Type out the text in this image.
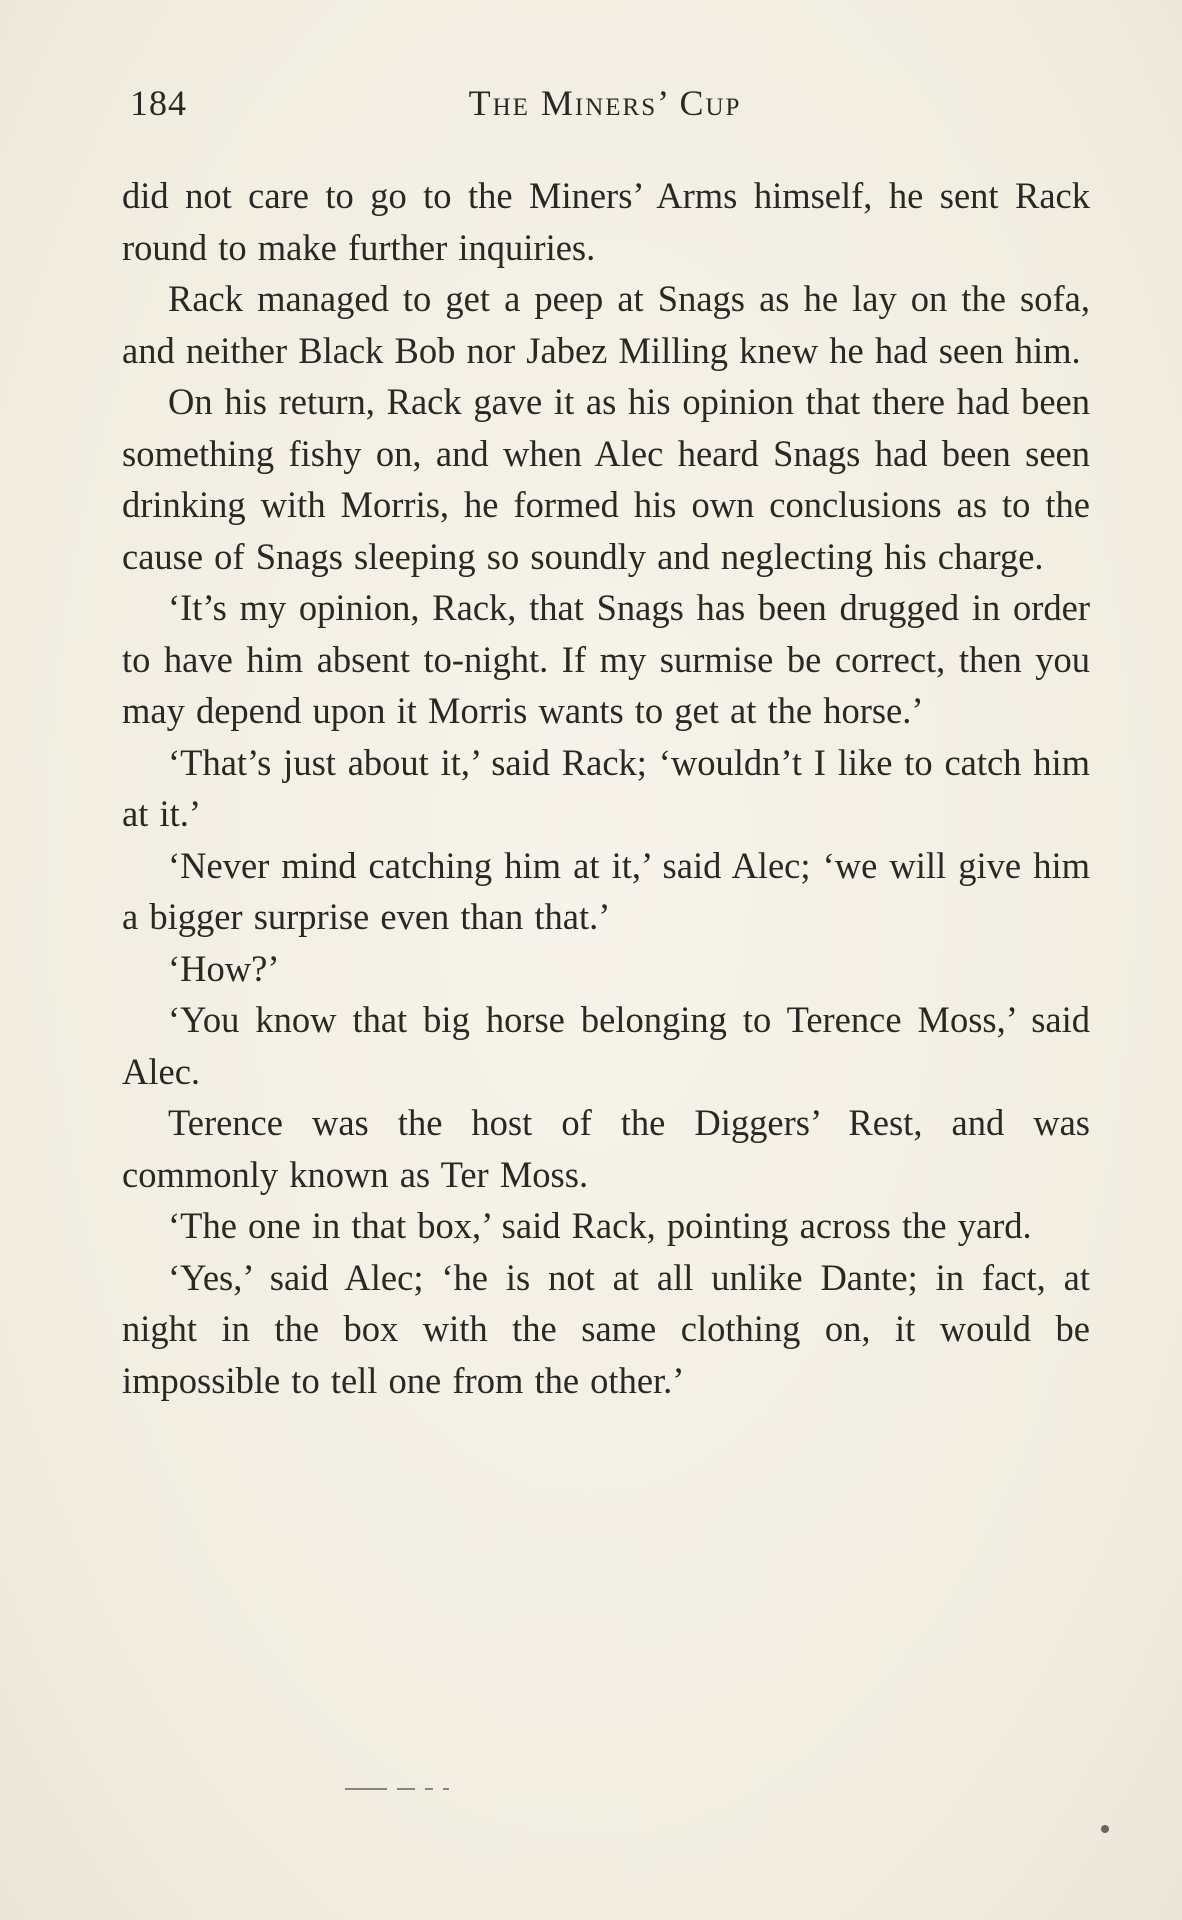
184	The Miners’ Cup

did not care to go to the Miners’ Arms himself, he sent Rack round to make further inquiries.

Rack managed to get a peep at Snags as he lay on the sofa, and neither Black Bob nor Jabez Milling knew he had seen him.

On his return, Rack gave it as his opinion that there had been something fishy on, and when Alec heard Snags had been seen drinking with Morris, he formed his own conclusions as to the cause of Snags sleeping so soundly and neglecting his charge.

‘It’s my opinion, Rack, that Snags has been drugged in order to have him absent to-night. If my surmise be correct, then you may depend upon it Morris wants to get at the horse.’

‘That’s just about it,’ said Rack; ‘wouldn’t I like to catch him at it.’

‘Never mind catching him at it,’ said Alec; ‘we will give him a bigger surprise even than that.’

‘How?’

‘You know that big horse belonging to Terence Moss,’ said Alec.

Terence was the host of the Diggers’ Rest, and was commonly known as Ter Moss.

‘The one in that box,’ said Rack, pointing across the yard.

‘Yes,’ said Alec; ‘he is not at all unlike Dante; in fact, at night in the box with the same clothing on, it would be impossible to tell one from the other.’
